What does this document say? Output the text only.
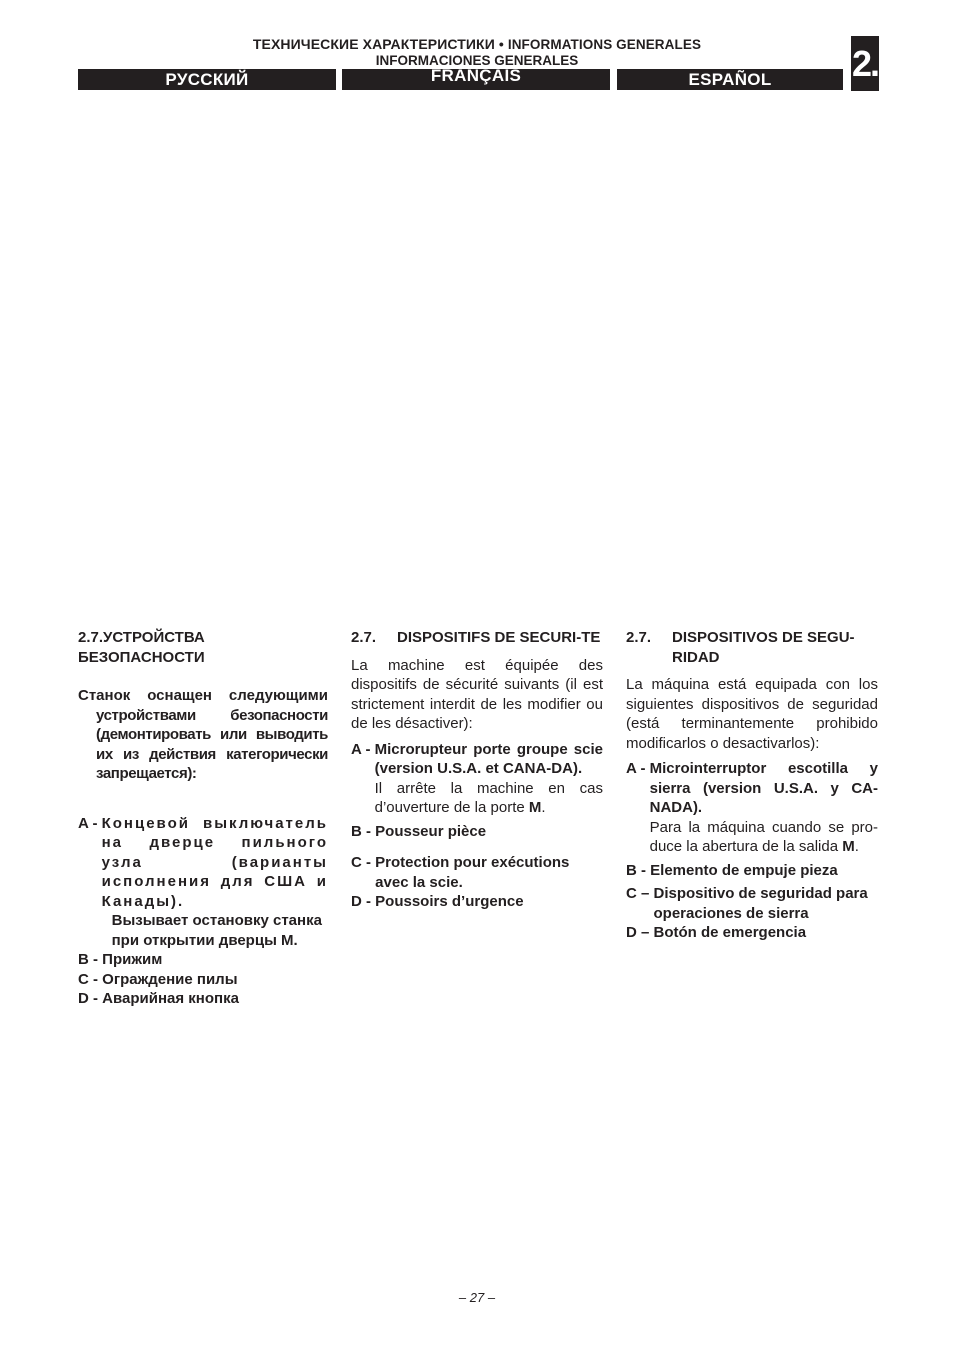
ТЕХНИЧЕСКИЕ ХАРАКТЕРИСТИКИ • INFORMATIONS GENERALES
INFORMACIONES GENERALES
РУССКИЙ	FRANÇAIS	ESPAÑOL	2.

2.7.УСТРОЙСТВА
БЕЗОПАСНОСТИ

Станок оснащен следующими
устройствами безопасности (демонтировать или выводить их из действия категорически запрещается):

A - Концевой выключатель на дверце пильного узла (варианты исполнения для США и Канады).
Вызывает остановку станка при открытии дверцы М.
B - Прижим
C - Ограждение пилы
D - Аварийная кнопка

2.7.	DISPOSITIFS DE SECURI-TE

La machine est équipée des dispositifs de sécurité suivants (il est strictement interdit de les modifier ou de les désactiver):

A - Microrupteur porte groupe scie (version U.S.A. et CANA-DA).
Il arrête la machine en cas d’ouverture de la porte M.
B - Pousseur pièce
C - Protection pour exécutions avec la scie.
D - Poussoirs d’urgence

2.7.	DISPOSITIVOS DE SEGU-RIDAD

La máquina está equipada con los siguientes dispositivos de seguridad (está terminantemente prohibido modificarlos o desactivarlos):

A - Microinterruptor escotilla y sierra (version U.S.A. y CA-NADA).
Para la máquina cuando se pro-duce la abertura de la salida M.
B - Elemento de empuje pieza
C – Dispositivo de seguridad para operaciones de sierra
D – Botón de emergencia
– 27 –
